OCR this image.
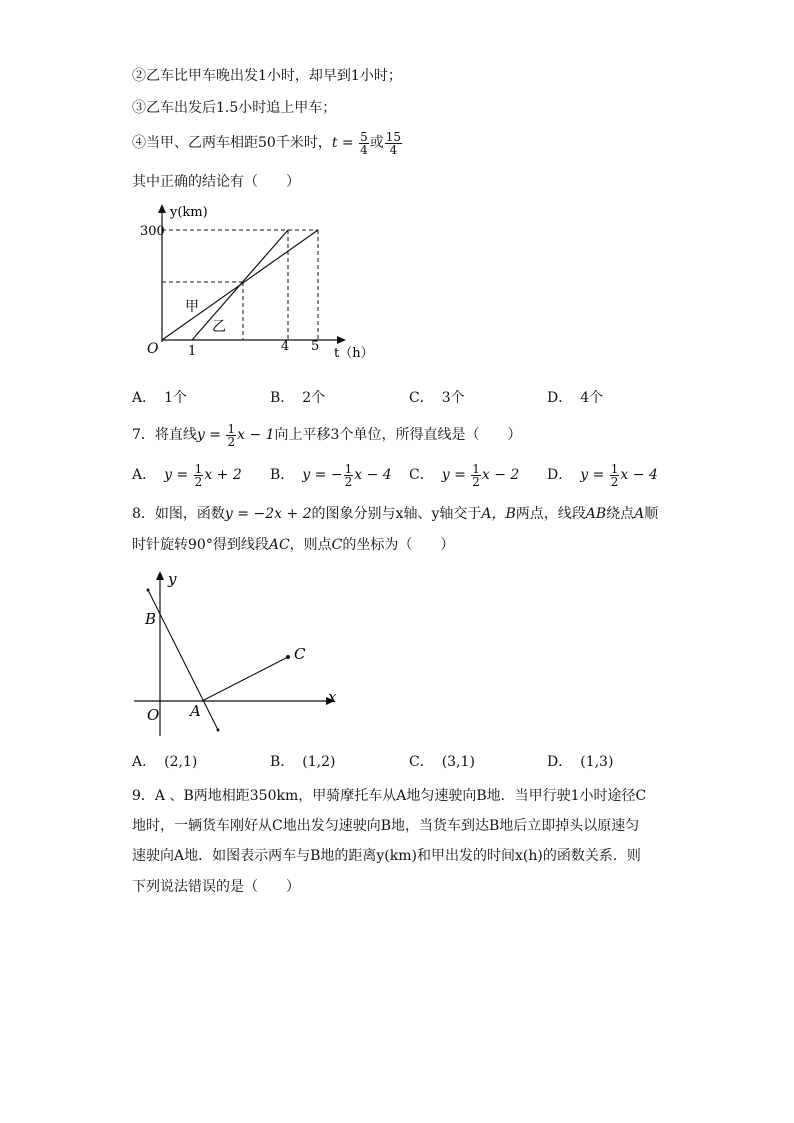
②乙车比甲车晚出发1小时，却早到1小时；
③乙车出发后1.5小时追上甲车；
④当甲、乙两车相距50千米时，$t = \frac{5}{4}$ 或 $\frac{15}{4}$
其中正确的结论有（　　）
y(km)
300
O 1	4 5 t（h）
甲
乙
A． 1个	B． 2个	C． 3个	D． 4个
7．将直线$y = \frac{1}{2}$ x − 1向上平移3个单位，所得直线是（　　）
A． $y = \frac{1}{2}$ x + 2 B． y = − $\frac{1}{2}$ x − 4 C． $y = \frac{1}{2}$ x − 2 D． $y = \frac{1}{2}$ x − 4
8．如图，函数y = −2x + 2的图象分别与x轴、y轴交于A，B两点，线段AB绕点A顺
时针旋转90°得到线段AC，则点C的坐标为（　　）
y
x
O A
B
C
A． (2,1)	B． (1,2)	C． (3,1)	D． (1,3)
9．A 、B两地相距350km，甲骑摩托车从A地匀速驶向B地．当甲行驶1小时途径C
地时，一辆货车刚好从C地出发匀速驶向B地，当货车到达B地后立即掉头以原速匀
速驶向A地．如图表示两车与B地的距离y(km)和甲出发的时间x(h)的函数关系．则
下列说法错误的是（　　）
